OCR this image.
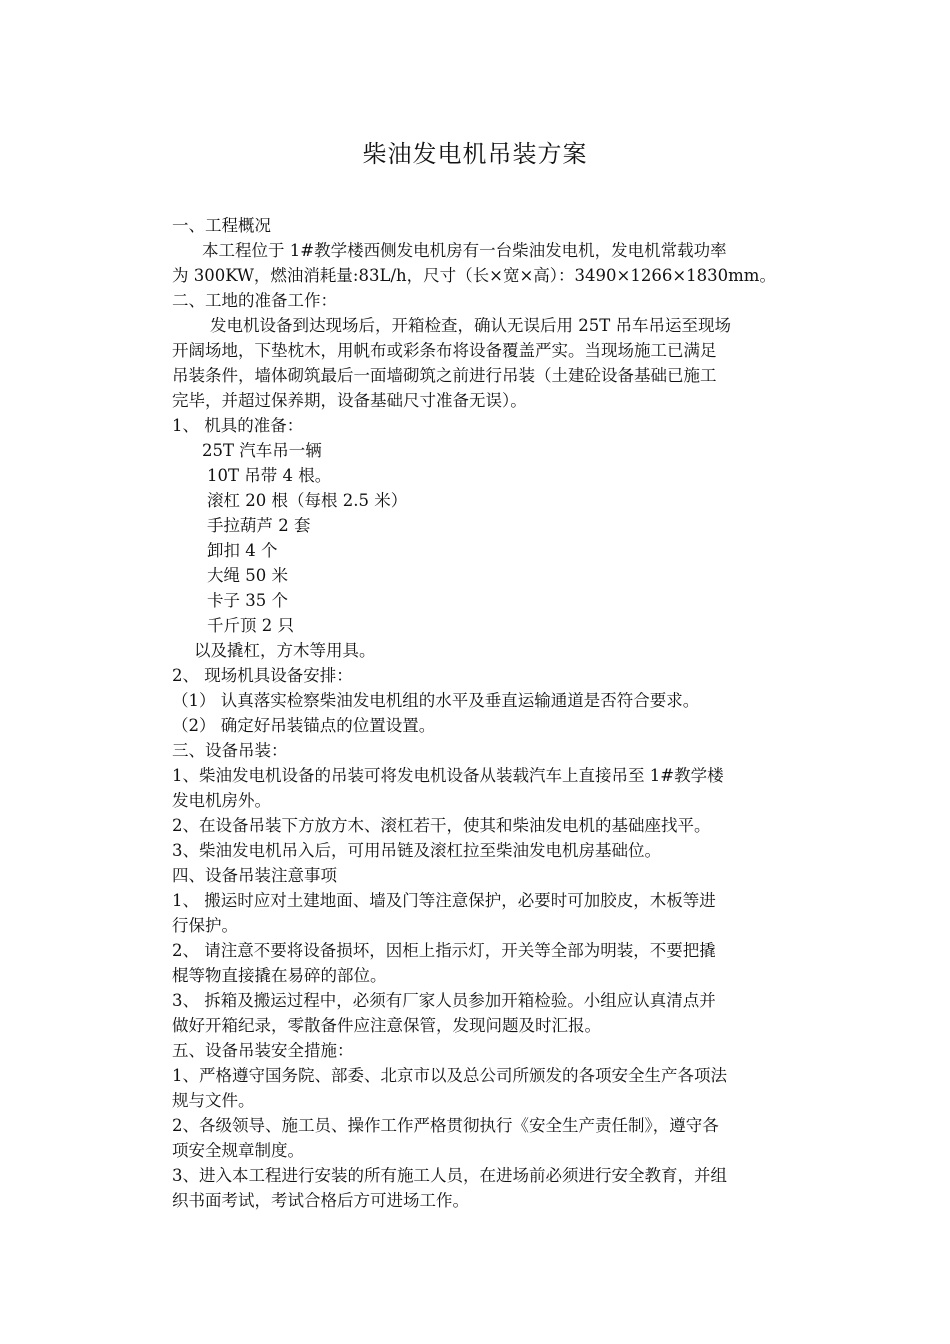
柴油发电机吊装方案
一、工程概况
本工程位于 1#教学楼西侧发电机房有一台柴油发电机，发电机常载功率
为 300KW，燃油消耗量:83L/h，尺寸（长×宽×高）：3490×1266×1830mm。
二、工地的准备工作：
发电机设备到达现场后，开箱检查，确认无误后用 25T 吊车吊运至现场
开阔场地，下垫枕木，用帆布或彩条布将设备覆盖严实。当现场施工已满足
吊装条件，墙体砌筑最后一面墙砌筑之前进行吊装（土建砼设备基础已施工
完毕，并超过保养期，设备基础尺寸准备无误）。
1、 机具的准备：
25T 汽车吊一辆
10T 吊带 4 根。
滚杠 20 根（每根 2.5 米）
手拉葫芦 2 套
卸扣 4 个
大绳 50 米
卡子 35 个
千斤顶 2 只
以及撬杠，方木等用具。
2、 现场机具设备安排：
（1） 认真落实检察柴油发电机组的水平及垂直运输通道是否符合要求。
（2） 确定好吊装锚点的位置设置。
三、设备吊装：
1、柴油发电机设备的吊装可将发电机设备从装载汽车上直接吊至 1#教学楼
发电机房外。
2、在设备吊装下方放方木、滚杠若干，使其和柴油发电机的基础座找平。
3、柴油发电机吊入后，可用吊链及滚杠拉至柴油发电机房基础位。
四、设备吊装注意事项
1、 搬运时应对土建地面、墙及门等注意保护，必要时可加胶皮，木板等进
行保护。
2、 请注意不要将设备损坏，因柜上指示灯，开关等全部为明装，不要把撬
棍等物直接撬在易碎的部位。
3、 拆箱及搬运过程中，必须有厂家人员参加开箱检验。小组应认真清点并
做好开箱纪录，零散备件应注意保管，发现问题及时汇报。
五、设备吊装安全措施：
1、严格遵守国务院、部委、北京市以及总公司所颁发的各项安全生产各项法
规与文件。
2、各级领导、施工员、操作工作严格贯彻执行《安全生产责任制》，遵守各
项安全规章制度。
3、进入本工程进行安装的所有施工人员，在进场前必须进行安全教育，并组
织书面考试，考试合格后方可进场工作。
